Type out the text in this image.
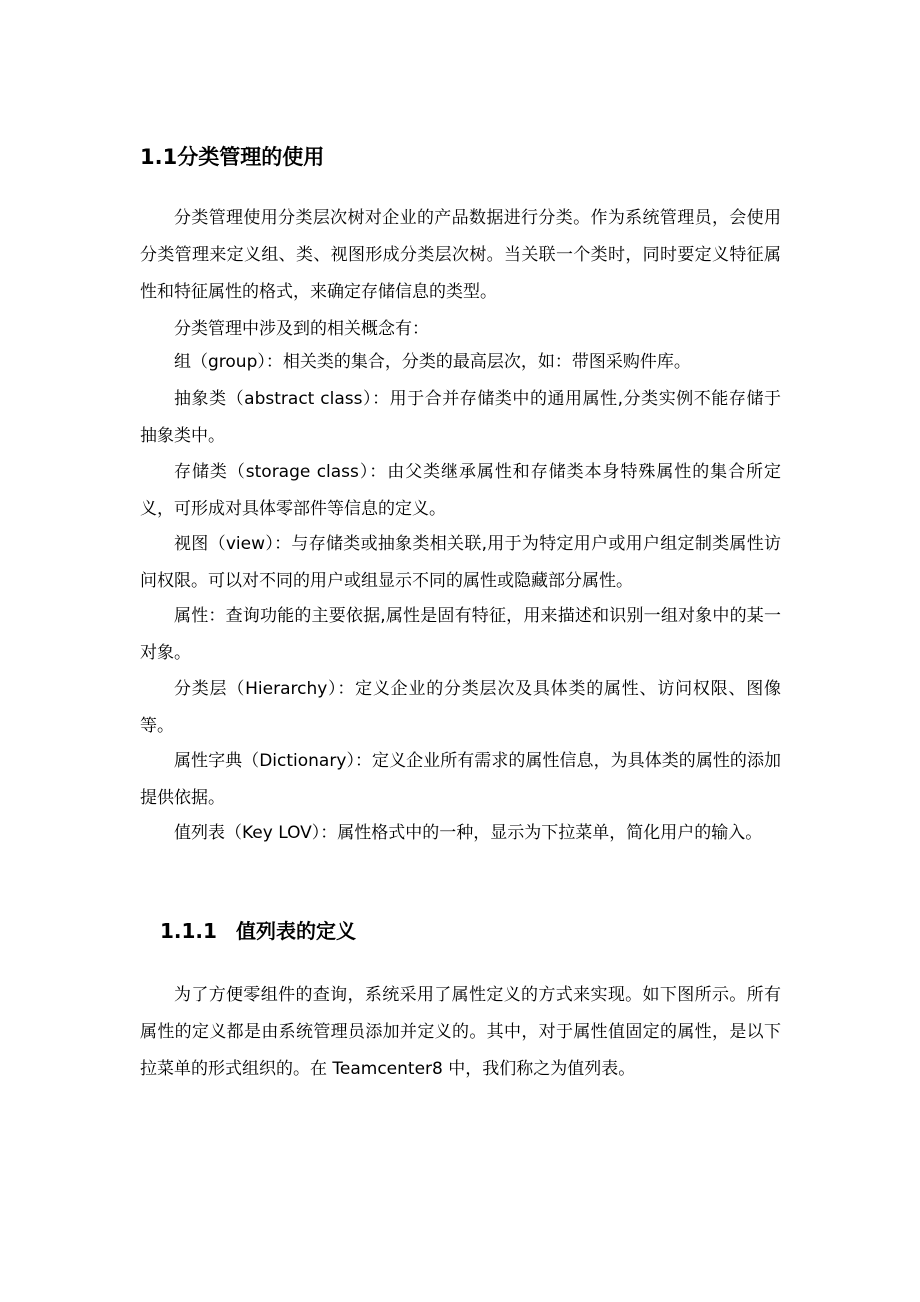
1.1分类管理的使用

分类管理使用分类层次树对企业的产品数据进行分类。作为系统管理员，会使用分类管理来定义组、类、视图形成分类层次树。当关联一个类时，同时要定义特征属性和特征属性的格式，来确定存储信息的类型。

分类管理中涉及到的相关概念有：

组（group）：相关类的集合，分类的最高层次，如：带图采购件库。

抽象类（abstract class）：用于合并存储类中的通用属性,分类实例不能存储于抽象类中。

存储类（storage class）：由父类继承属性和存储类本身特殊属性的集合所定义，可形成对具体零部件等信息的定义。

视图（view）：与存储类或抽象类相关联,用于为特定用户或用户组定制类属性访问权限。可以对不同的用户或组显示不同的属性或隐藏部分属性。

属性：查询功能的主要依据,属性是固有特征，用来描述和识别一组对象中的某一对象。

分类层（Hierarchy）：定义企业的分类层次及具体类的属性、访问权限、图像等。

属性字典（Dictionary）：定义企业所有需求的属性信息，为具体类的属性的添加提供依据。

值列表（Key LOV）：属性格式中的一种，显示为下拉菜单，简化用户的输入。

1.1.1 值列表的定义

为了方便零组件的查询，系统采用了属性定义的方式来实现。如下图所示。所有属性的定义都是由系统管理员添加并定义的。其中，对于属性值固定的属性，是以下拉菜单的形式组织的。在 Teamcenter8 中，我们称之为值列表。
